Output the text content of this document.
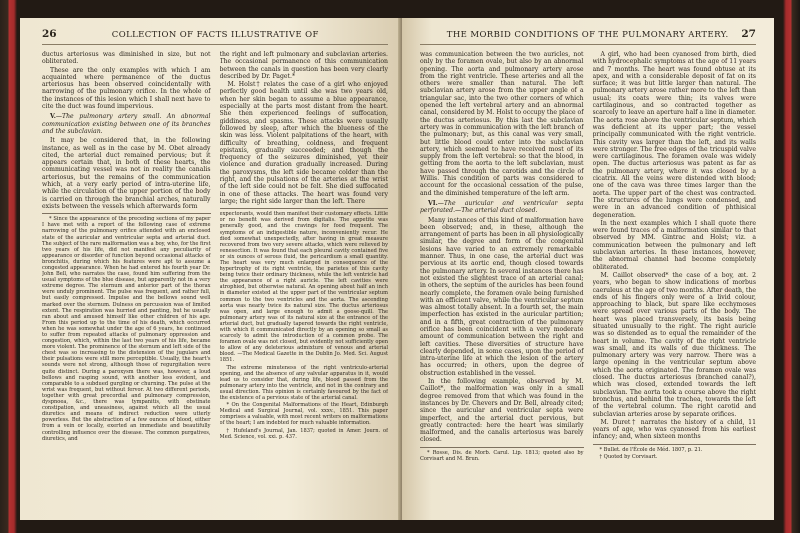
26	COLLECTION OF FACTS ILLUSTRATIVE OF

ductus arteriosus was diminished in size, but not obliterated.

These are the only examples with which I am acquainted where permanence of the ductus arteriosus has been observed coincidentally with narrowing of the pulmonary orifice. In the whole of the instances of this lesion which I shall next have to cite the duct was found impervious.

V.—The pulmonary artery small. An abnormal communication existing between one of its branches and the subclavian.

It may be considered that, in the following instance, as well as in the case by M. Obet already cited, the arterial duct remained pervious; but it appears certain that, in both of these hearts, the communicating vessel was not in reality the canalis arteriosus, but the remains of the communication which, at a very early period of intra-uterine life, while the circulation of the upper portion of the body is carried on through the branchial arches, naturally exists between the vessels which afterwards form

* Since the appearance of the preceding sections of my paper I have met with a report of the following case of extreme narrowing of the pulmonary orifice attended with an enclosed state of the auricular and ventricular septa and arterial duct. The subject of the rare malformation was a boy, who, for the first two years of his life, did not manifest any peculiarity of appearance or disorder of function beyond occasional attacks of bronchitis, during which his features were apt to assume a congested appearance. When he had entered his fourth year Dr. John Bell, who narrates the case, found him suffering from the usual symptoms of the blue disease, but apparently not in a very extreme degree. The sternum and anterior part of the thorax were unduly prominent. The pulse was frequent, and rather full, but easily compressed. Impulse and the bellows sound well marked over the sternum. Dulness on percussion was of limited extent. The respiration was hurried and panting, but he usually ran about and amused himself like other children of his age. From this period up to the time of his death, which occurred when he was somewhat under the age of 6 years, he continued to suffer from repeated attacks of pulmonary oppression and congestion, which, within the last two years of his life, became more violent. The prominence of the sternum and left side of the chest was so increasing to the distension of the jugulars and their pulsations were still more perceptible. Usually, the heart's sounds were not strong, although those of regurgitation were quite distinct. During a paroxysm there was, however, a loud bellows and rasping sound, with another less evident, and comparable to a subdued gurgling or churning. The pulse at the wrist was frequent, but without fervor. At two different periods, together with great precordial and pulmonary compression, dyspnoea, &c., there was tympanitis, with obstinate constipation, and uneasiness, against which all the usual diuretics and means of indirect reduction were utterly powerless. But the abstraction of a few ounces of blood, either from a vein or locally, exerted an immediate and beautifully controlling influence over the disease. The common purgatives, diuretics, and

the right and left pulmonary and subclavian arteries. The occasional permanence of this communication between the canals in question has been very clearly described by Dr. Paget.*

M. Holst† relates the case of a girl who enjoyed perfectly good health until she was two years old, when her skin began to assume a blue appearance, especially at the parts most distant from the heart. She then experienced feelings of suffocation, giddiness, and spasms. These attacks were usually followed by sleep, after which the blueness of the skin was less. Violent palpitations of the heart, with difficulty of breathing, coldness, and frequent epistaxis, gradually succeeded; and though the frequency of the seizures diminished, yet their violence and duration gradually increased. During the paroxysms, the left side became colder than the right, and the pulsations of the arteries at the wrist of the left side could not be felt. She died suffocated in one of these attacks. The heart was found very large; the right side larger than the left. There

expectorants, would then manifest their customary effects. Little or no benefit was derived from digitalis. The appetite was generally good, and the cravings for food frequent. The symptoms of an indigestible nature, inconveniently recur. He died somewhat unexpectedly, after having in great measure recovered from two very severe attacks, which were relieved by venesection. It was found that each pleural cavity contained five or six ounces of serous fluid, the pericardium a small quantity. The heart was very much enlarged in consequence of the hypertrophy of its right ventricle, the parietes of this cavity being twice their ordinary thickness, while the left ventricle had the appearance of a right auricle. The left cavities were atrophied, but otherwise natural. An opening about half an inch in diameter existed at the upper part of the ventricular septum common to the two ventricles and the aorta. The ascending aorta was nearly twice its natural size. The ductus arteriosus was open, and large enough to admit a goose-quill. The pulmonary artery was of its natural size at the entrance of the arterial duct, but gradually tapered towards the right ventricle, with which it communicated directly by an opening so small as scarcely to admit the introduction of a common probe. The foramen ovale was not closed, but evidently not sufficiently open to allow of any deleterious admixture of venous and arterial blood. —The Medical Gazette in the Dublin Jo. Med. Sci. August 1851.

The extreme minuteness of the right ventriculo-arterial opening, and the absence of any valvular apparatus in it, would lead us to consider that, during life, blood passed from the pulmonary artery into the ventricle, and not in the contrary and usual direction. This opinion is certainly favoured by the fact of the existence of a pervious state of the arterial canal.

* On the Congenital Malformations of the Heart, Edinburgh Medical and Surgical Journal, vol. xxxv., 1851. This paper comprises a valuable, with most recent writers on malformations of the heart; I am indebted for much valuable information.

† Hufeland's Journal, Jan. 1837; quoted in Amer. Journ. of Med. Science, vol. xxi. p. 437.

THE MORBID CONDITIONS OF THE PULMONARY ARTERY. 27

was communication between the two auricles, not only by the foramen ovale, but also by an abnormal opening. The aorta and pulmonary artery arose from the right ventricle. These arteries and all the others were smaller than natural. The left subclavian artery arose from the upper angle of a triangular sac, into the two other corners of which opened the left vertebral artery and an abnormal canal, considered by M. Holst to occupy the place of the ductus arteriosus. By this last the subclavian artery was in communication with the left branch of the pulmonary; but, as this canal was very small, but little blood could enter into the subclavian artery, which seemed to have received most of its supply from the left vertebral: so that the blood, in getting from the aorta to the left subclavian, must have passed through the carotids and the circle of Willis. This condition of parts was considered to account for the occasional cessation of the pulse, and the diminished temperature of the left arm.

VI.—The auricular and ventricular septa perforated.—The arterial duct closed.

Many instances of this kind of malformation have been observed; and, in these, although the arrangement of parts has been in all physiologically similar, the degree and form of the congenital lesions have varied to an extremely remarkable manner. Thus, in one case, the arterial duct was pervious at its aortic end, though closed towards the pulmonary artery. In several instances there has not existed the slightest trace of an arterial canal; in others, the septum of the auricles has been found nearly complete, the foramen ovale being furnished with an efficient valve, while the ventricular septum was almost totally absent. In a fourth set, the main imperfection has existed in the auricular partition; and in a fifth, great contraction of the pulmonary orifice has been coincident with a very moderate amount of communication between the right and left cavities. These diversities of structure have clearly depended, in some cases, upon the period of intra-uterine life at which the lesion of the artery has occurred; in others, upon the degree of obstruction established in the vessel.

In the following example, observed by M. Caillot*, the malformation was only in a small degree removed from that which was found in the instances by Dr. Chevers and Dr. Bell, already cited; since the auricular and ventricular septa were imperfect, and the arterial duct pervious, but greatly contracted: here the heart was similarly malformed, and the canalis arteriosus was barely closed.

* Rosse, Dis. de Morb. Carul. Lip. 1813; quoted also by Corvisart and M. Brun.

A girl, who had been cyanosed from birth, died with hydrocephalic symptoms at the age of 11 years and 7 months. The heart was found obtuse at its apex, and with a considerable deposit of fat on its surface; it was but little larger than natural. The pulmonary artery arose rather more to the left than usual; its coats were thin; its valves were cartilaginous, and so contracted together as scarcely to leave an aperture half a line in diameter. The aorta rose above the ventricular septum, which was deficient at its upper part; the vessel principally communicated with the right ventricle. This cavity was larger than the left, and its walls were stronger. The free edges of the tricuspid valve were cartilaginous. The foramen ovale was widely open. The ductus arteriosus was patent as far as the pulmonary artery, where it was closed by a cicatrix. All the veins were distended with blood; one of the cava was three times larger than the aorta. The upper part of the chest was contracted. The structures of the lungs were condensed, and were in an advanced condition of phthisical degeneration.

In the next examples which I shall quote there were found traces of a malformation similar to that observed by MM. Gintrac and Holst; viz. a communication between the pulmonary and left subclavian arteries. In these instances, however, the abnormal channel had become completely obliterated.

M. Caillot observed* the case of a boy, æt. 2 years, who began to show indications of morbus caeruleus at the age of two months. After death, the ends of his fingers only were of a livid colour, approaching to black, but spare like ecchymoses were spread over various parts of the body. The heart was placed transversely, its basis being situated unusually to the right. The right auricle was so distended as to equal the remainder of the heart in volume. The cavity of the right ventricle was small, and its walls of due thickness. The pulmonary artery was very narrow. There was a large opening in the ventricular septum above which the aorta originated. The foramen ovale was closed. The ductus arteriosus (branched canal?), which was closed, extended towards the left subclavian. The aorta took a course above the right bronchus, and behind the trachea, towards the left of the vertebral column. The right carotid and subclavian arteries arose by separate orifices.

M. Duret† narrates the history of a child, 11 years of age, who was cyanosed from his earliest infancy; and, when sixteen months

* Bullet. de l'École de Méd. 1807, p. 21.

† Quoted by Corvisart.
